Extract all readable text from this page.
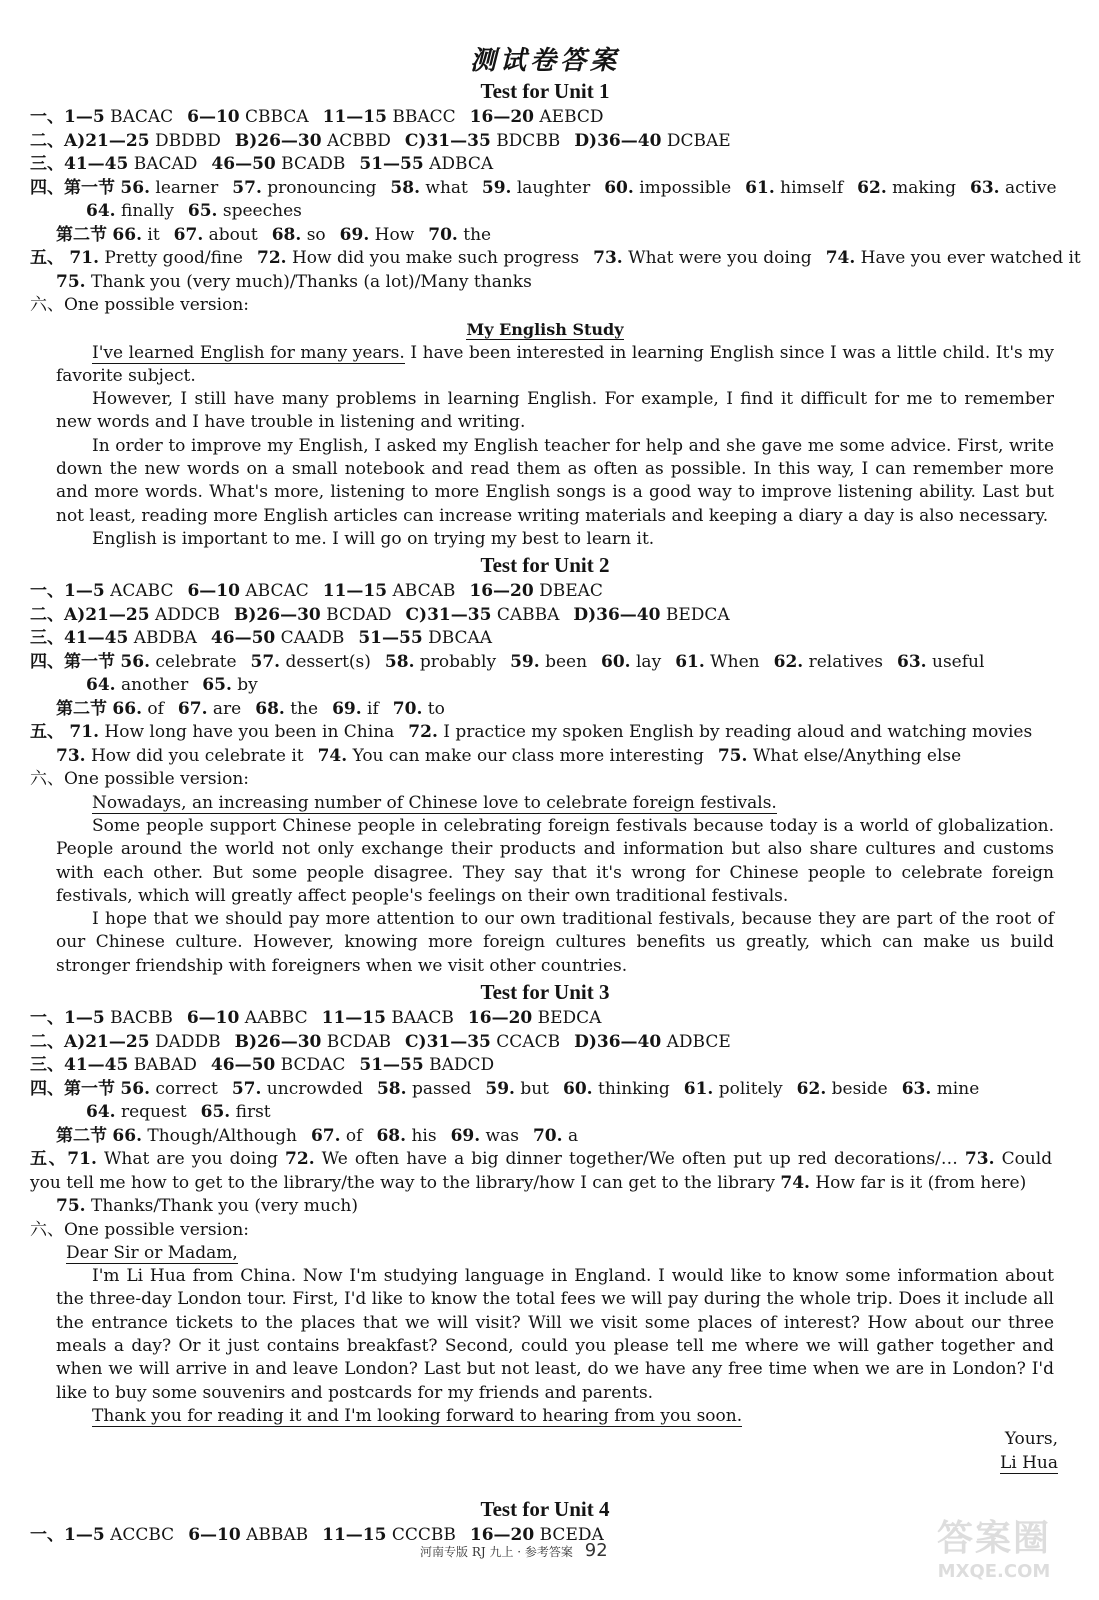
测试卷答案
Test for Unit 1
一、1—5 BACAC 6—10 CBBCA 11—15 BBACC 16—20 AEBCD
二、A)21—25 DBDBD B)26—30 ACBBD C)31—35 BDCBB D)36—40 DCBAE
三、41—45 BACAD 46—50 BCADB 51—55 ADBCA
四、第一节 56. learner 57. pronouncing 58. what 59. laughter 60. impossible 61. himself 62. making 63. active
64. finally 65. speeches
第二节 66. it 67. about 68. so 69. How 70. the
五、 71. Pretty good/fine 72. How did you make such progress 73. What were you doing 74. Have you ever watched it
75. Thank you (very much)/Thanks (a lot)/Many thanks
六、One possible version:
My English Study

I've learned English for many years. I have been interested in learning English since I was a little child. It's my favorite subject.

However, I still have many problems in learning English. For example, I find it difficult for me to remember new words and I have trouble in listening and writing.

In order to improve my English, I asked my English teacher for help and she gave me some advice. First, write down the new words on a small notebook and read them as often as possible. In this way, I can remember more and more words. What's more, listening to more English songs is a good way to improve listening ability. Last but not least, reading more English articles can increase writing materials and keeping a diary a day is also necessary.

English is important to me. I will go on trying my best to learn it.

Test for Unit 2
一、1—5 ACABC 6—10 ABCAC 11—15 ABCAB 16—20 DBEAC
二、A)21—25 ADDCB B)26—30 BCDAD C)31—35 CABBA D)36—40 BEDCA
三、41—45 ABDBA 46—50 CAADB 51—55 DBCAA
四、第一节 56. celebrate 57. dessert(s) 58. probably 59. been 60. lay 61. When 62. relatives 63. useful
64. another 65. by
第二节 66. of 67. are 68. the 69. if 70. to
五、 71. How long have you been in China 72. I practice my spoken English by reading aloud and watching movies
73. How did you celebrate it 74. You can make our class more interesting 75. What else/Anything else
六、One possible version:

Nowadays, an increasing number of Chinese love to celebrate foreign festivals.

Some people support Chinese people in celebrating foreign festivals because today is a world of globalization. People around the world not only exchange their products and information but also share cultures and customs with each other. But some people disagree. They say that it's wrong for Chinese people to celebrate foreign festivals, which will greatly affect people's feelings on their own traditional festivals.

I hope that we should pay more attention to our own traditional festivals, because they are part of the root of our Chinese culture. However, knowing more foreign cultures benefits us greatly, which can make us build stronger friendship with foreigners when we visit other countries.

Test for Unit 3
一、1—5 BACBB 6—10 AABBC 11—15 BAACB 16—20 BEDCA
二、A)21—25 DADDB B)26—30 BCDAB C)31—35 CCACB D)36—40 ADBCE
三、41—45 BABAD 46—50 BCDAC 51—55 BADCD
四、第一节 56. correct 57. uncrowded 58. passed 59. but 60. thinking 61. politely 62. beside 63. mine
64. request 65. first
第二节 66. Though/Although 67. of 68. his 69. was 70. a
五、71. What are you doing 72. We often have a big dinner together/We often put up red decorations/… 73. Could you tell me how to get to the library/the way to the library/how I can get to the library 74. How far is it (from here)
75. Thanks/Thank you (very much)
六、One possible version:
Dear Sir or Madam,

I'm Li Hua from China. Now I'm studying language in England. I would like to know some information about the three-day London tour. First, I'd like to know the total fees we will pay during the whole trip. Does it include all the entrance tickets to the places that we will visit? Will we visit some places of interest? How about our three meals a day? Or it just contains breakfast? Second, could you please tell me where we will gather together and when we will arrive in and leave London? Last but not least, do we have any free time when we are in London? I'd like to buy some souvenirs and postcards for my friends and parents.

Thank you for reading it and I'm looking forward to hearing from you soon.

Yours,
Li Hua
Test for Unit 4
一、1—5 ACCBC 6—10 ABBAB 11—15 CCCBB 16—20 BCEDA
河南专版 RJ 九上 · 参考答案 92	答案圈
MXQE.COM
